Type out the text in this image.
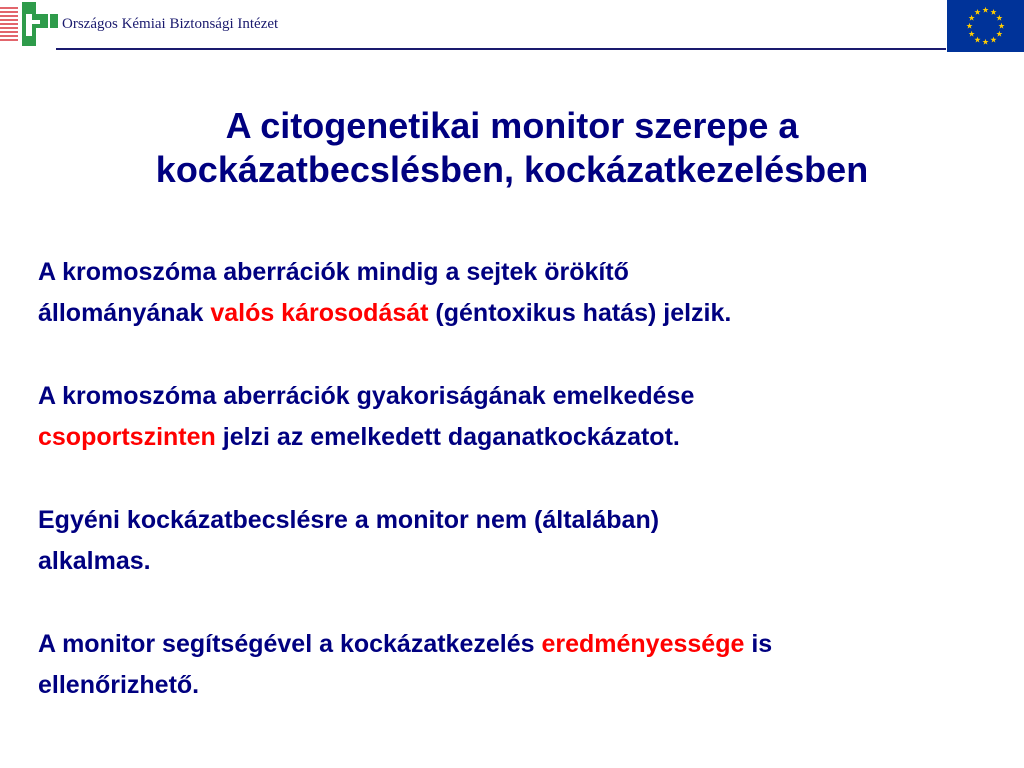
Országos Kémiai Biztonsági Intézet
A citogenetikai monitor szerepe a
kockázatbecslésben, kockázatkezelésben

A kromoszóma aberrációk mindig a sejtek örökítő
állományának valós károsodását (géntoxikus hatás) jelzik.

A kromoszóma aberrációk gyakoriságának emelkedése
csoportszinten jelzi az emelkedett daganatkockázatot.

Egyéni kockázatbecslésre a monitor nem (általában)
alkalmas.

A monitor segítségével a kockázatkezelés eredményessége is
ellenőrizhető.
